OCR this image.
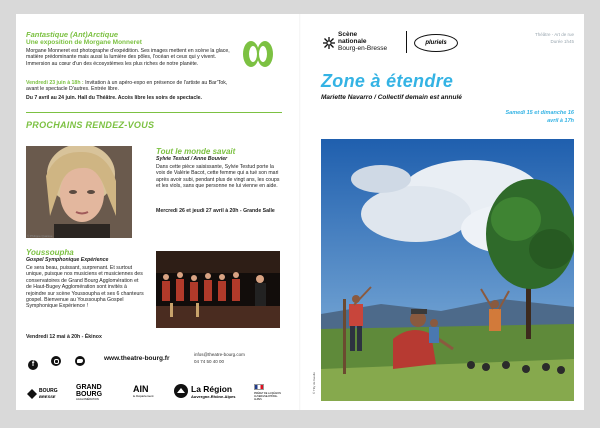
Fantastique (Ant)Arctique
Une exposition de Morgane Monneret
Morgane Monneret est photographe d'expédition. Ses images mettent en scène la glace, matière prédominante mais aussi la lumière des pôles, l'océan et ceux qui y vivent. Immersion au cœur d'un des écosystèmes les plus riches de notre planète.
Vendredi 23 juin à 18h : Invitation à un apéro-expo en présence de l'artiste au Bar'Tok, avant le spectacle D'autres. Entrée libre.
Du 7 avril au 24 juin. Hall du Théâtre. Accès libre les soirs de spectacle.
PROCHAINS RENDEZ-VOUS
© Philippe Quaisse
Tout le monde savait
Sylvie Testud / Anne Bouvier
Dans cette pièce saisissante, Sylvie Testud porte la voix de Valérie Bacot, cette femme qui a tué son mari après avoir subi, pendant plus de vingt ans, les coups et les viols, sans que personne ne lui vienne en aide.
Mercredi 26 et jeudi 27 avril à 20h - Grande Salle
Youssoupha
Gospel Symphonique Expérience
Ce sera beau, puissant, surprenant. Et surtout unique, puisque nos musiciens et musiciennes des conservatoires de Grand Bourg Agglomération et de Haut-Bugey Agglomération sont invités à rejoindre sur scène Youssoupha et ses 6 chanteurs gospel. Bienvenue au Youssoupha Gospel Symphonique Expérience !
Vendredi 12 mai à 20h - Ékinox
f

www.theatre-bourg.fr
infos@theatre-bourg.com
04 74 50 40 00
BOURG
BRESSE
GRAND
BOURG
AGGLOMÉRATION
AIN
le Département
La Région
Auvergne-Rhône-Alpes
PRÉFET DE LA RÉGION AUVERGNE-RHÔNE-ALPES
Scène
nationale
Bourg-en-Bresse
pluriels
Théâtre - Art de rue
Durée 1h45
Zone à étendre
Mariette Navarro / Collectif demain est annulé
Samedi 15 et dimanche 16
avril à 17h
© Tilly de Gaulle
